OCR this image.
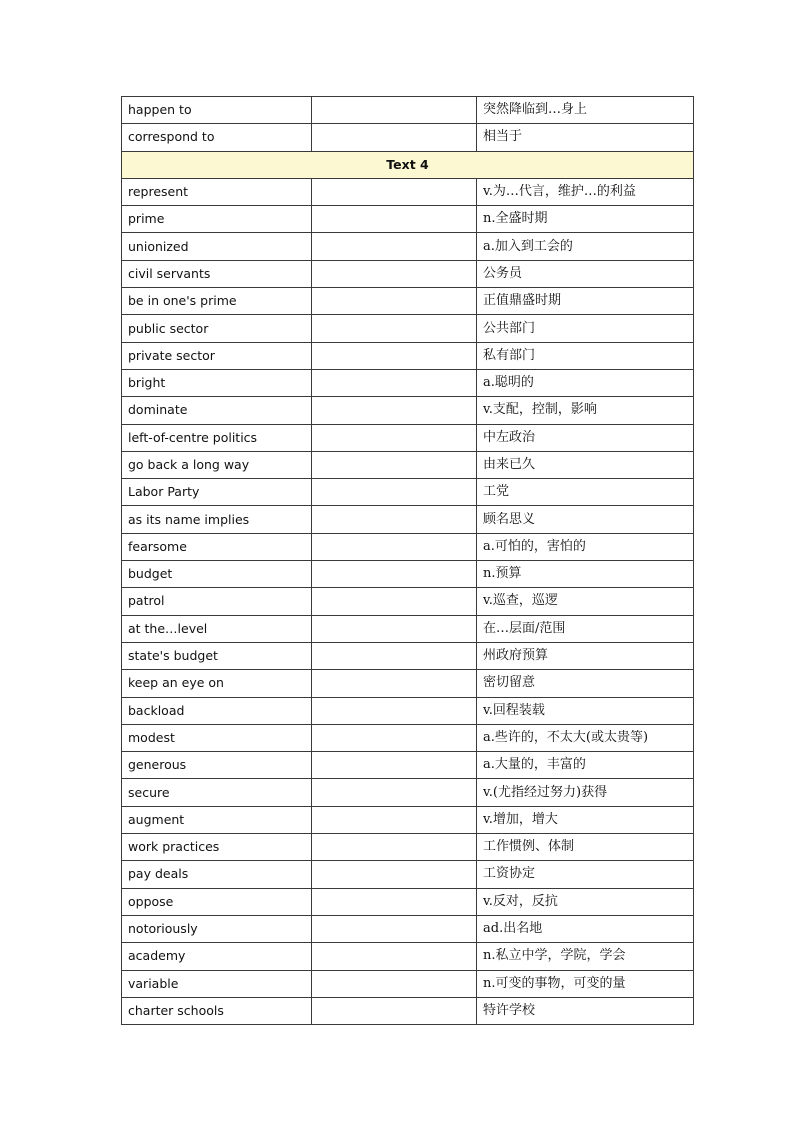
happen to		突然降临到…身上
correspond to		相当于
Text 4		
represent		v.为…代言，维护…的利益
prime		n.全盛时期
unionized		a.加入到工会的
civil servants		公务员
be in one's prime		正值鼎盛时期
public sector		公共部门
private sector		私有部门
bright		a.聪明的
dominate		v.支配，控制，影响
left-of-centre politics		中左政治
go back a long way		由来已久
Labor Party		工党
as its name implies		顾名思义
fearsome		a.可怕的，害怕的
budget		n.预算
patrol		v.巡查，巡逻
at the…level		在…层面/范围
state's budget		州政府预算
keep an eye on		密切留意
backload		v.回程装载
modest		a.些许的，不太大(或太贵等)
generous		a.大量的，丰富的
secure		v.(尤指经过努力)获得
augment		v.增加，增大
work practices		工作惯例、体制
pay deals		工资协定
oppose		v.反对，反抗
notoriously		ad.出名地
academy		n.私立中学，学院，学会
variable		n.可变的事物，可变的量
charter schools		特许学校
